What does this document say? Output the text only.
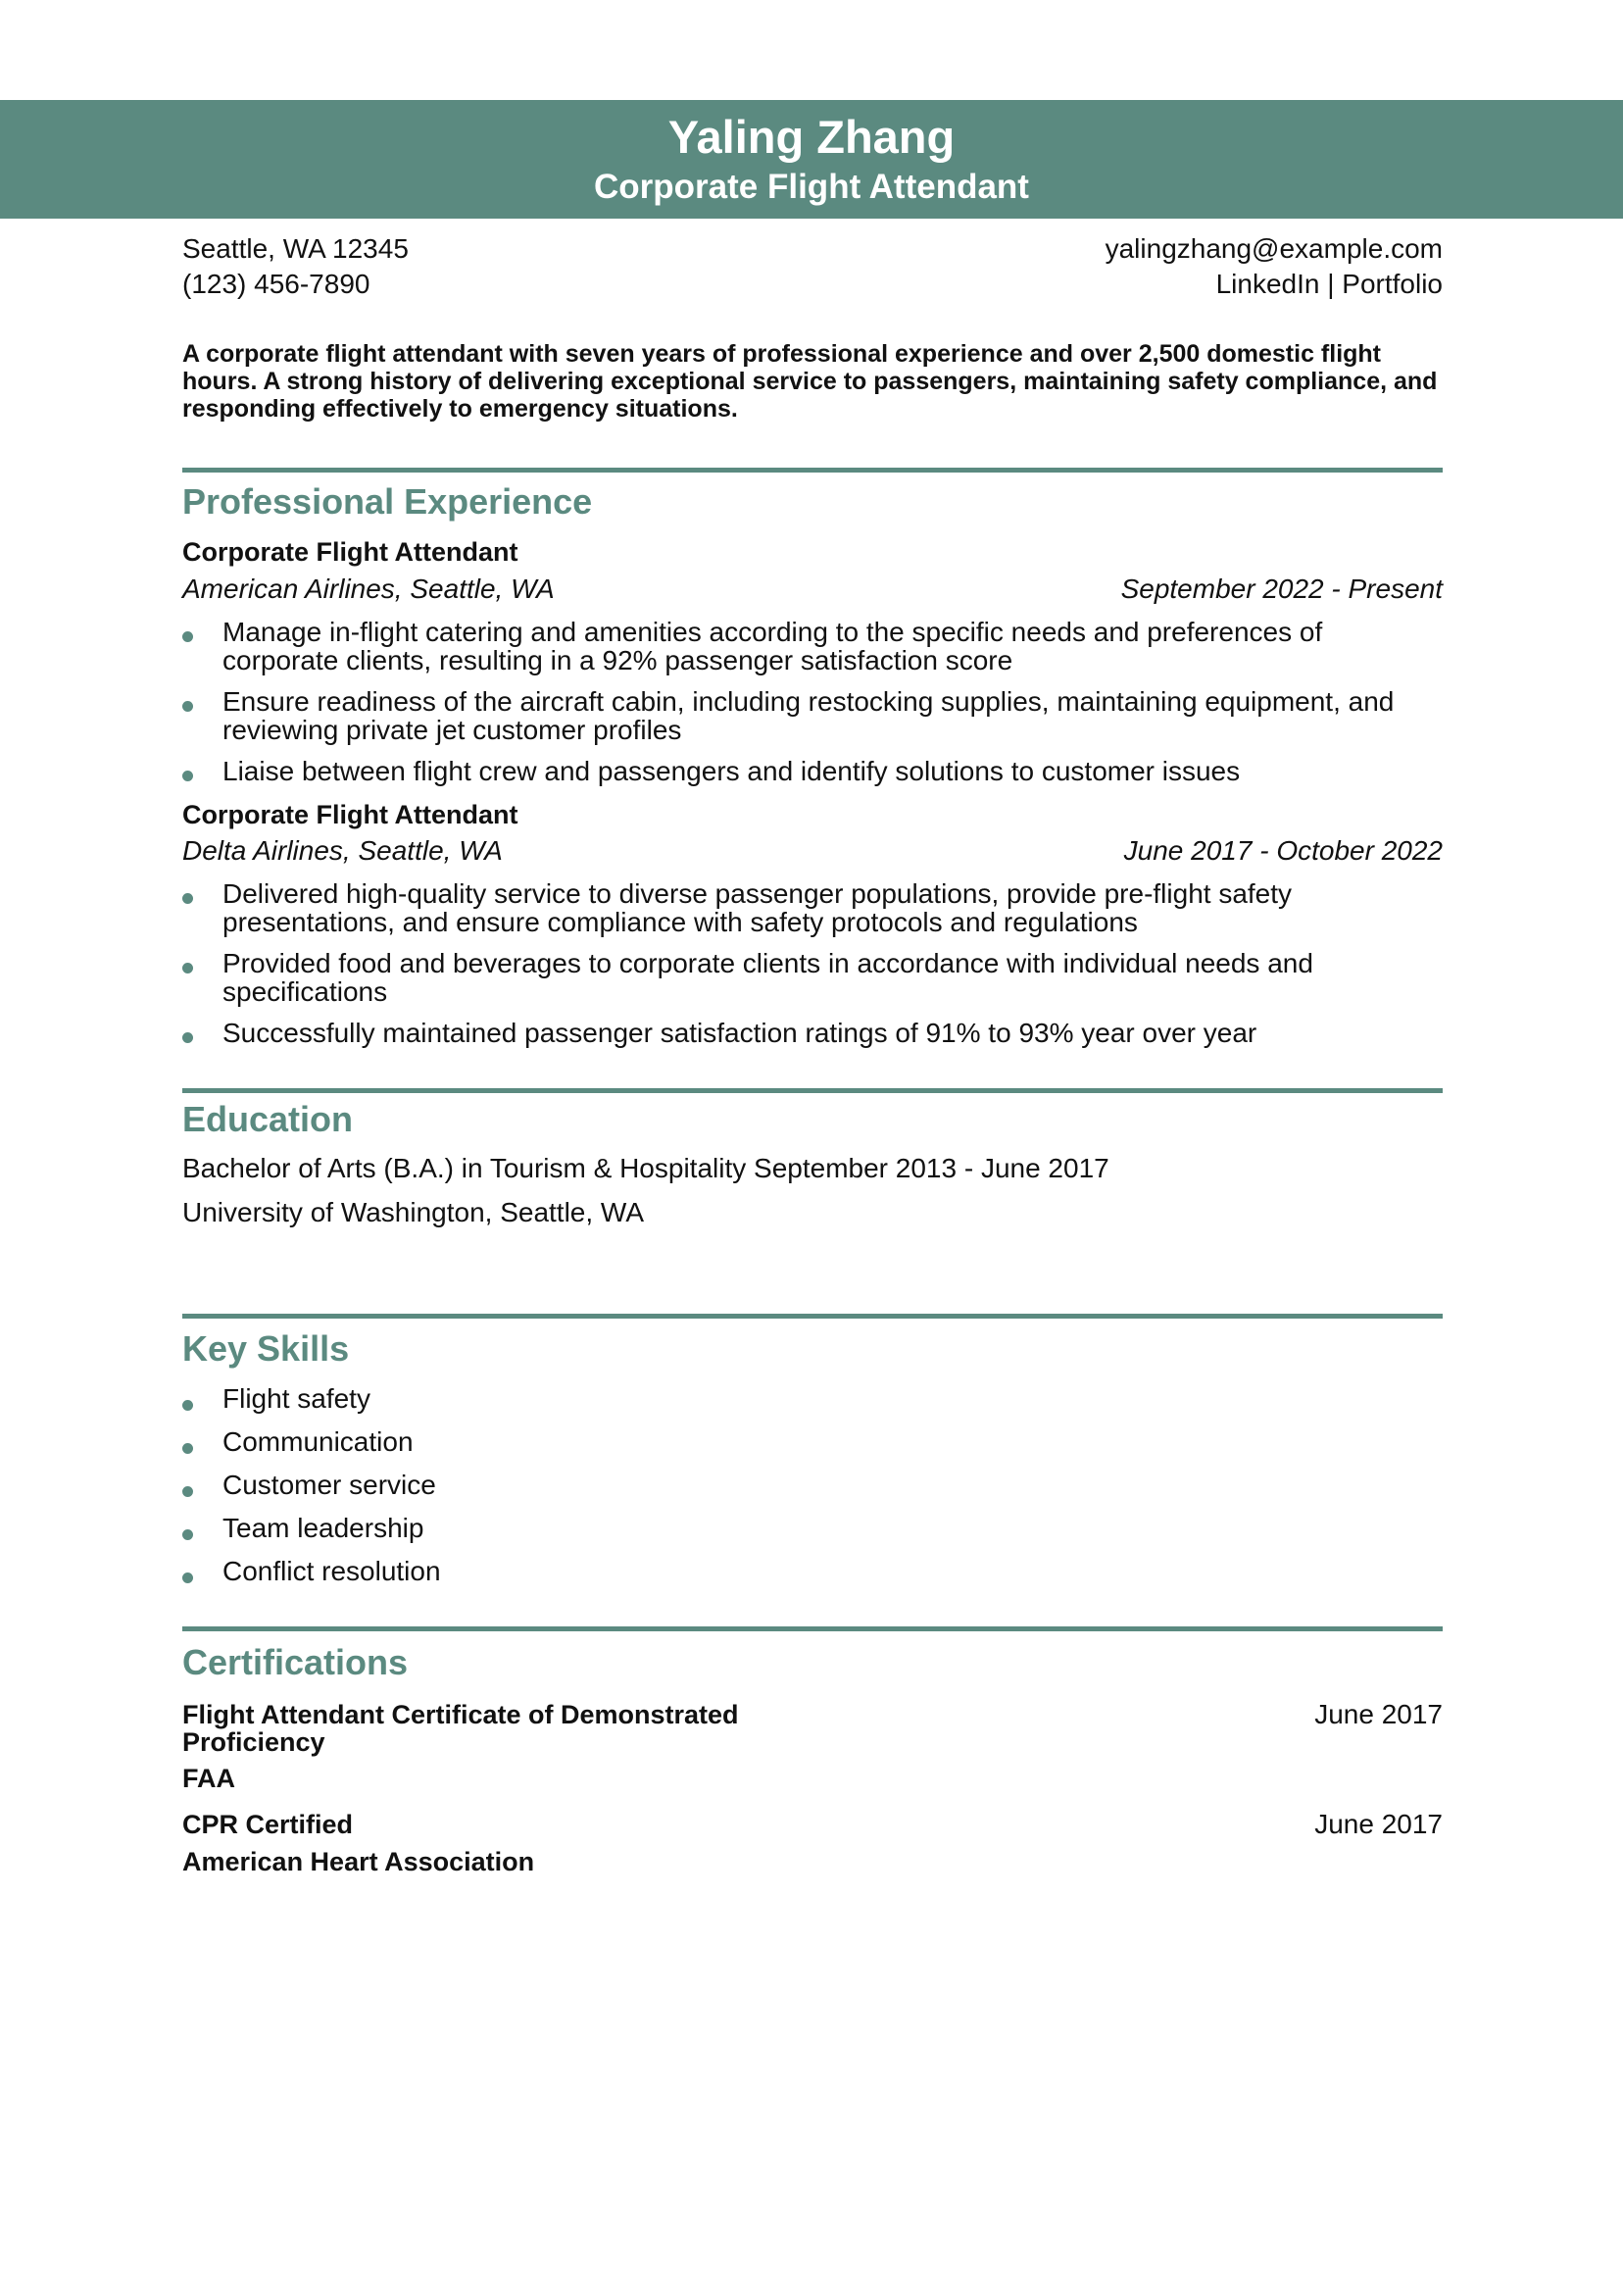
Yaling Zhang
Corporate Flight Attendant
Seattle, WA 12345
(123) 456-7890
yalingzhang@example.com
LinkedIn | Portfolio
A corporate flight attendant with seven years of professional experience and over 2,500 domestic flight hours. A strong history of delivering exceptional service to passengers, maintaining safety compliance, and responding effectively to emergency situations.
Professional Experience
Corporate Flight Attendant
American Airlines, Seattle, WA	September 2022 - Present
Manage in-flight catering and amenities according to the specific needs and preferences of corporate clients, resulting in a 92% passenger satisfaction score
Ensure readiness of the aircraft cabin, including restocking supplies, maintaining equipment, and reviewing private jet customer profiles
Liaise between flight crew and passengers and identify solutions to customer issues
Corporate Flight Attendant
Delta Airlines, Seattle, WA	June 2017 - October 2022
Delivered high-quality service to diverse passenger populations, provide pre-flight safety presentations, and ensure compliance with safety protocols and regulations
Provided food and beverages to corporate clients in accordance with individual needs and specifications
Successfully maintained passenger satisfaction ratings of 91% to 93% year over year
Education
Bachelor of Arts (B.A.) in Tourism & Hospitality September 2013 - June 2017
University of Washington, Seattle, WA
Key Skills
Flight safety
Communication
Customer service
Team leadership
Conflict resolution
Certifications
Flight Attendant Certificate of Demonstrated Proficiency
June 2017
FAA
CPR Certified	June 2017
American Heart Association
